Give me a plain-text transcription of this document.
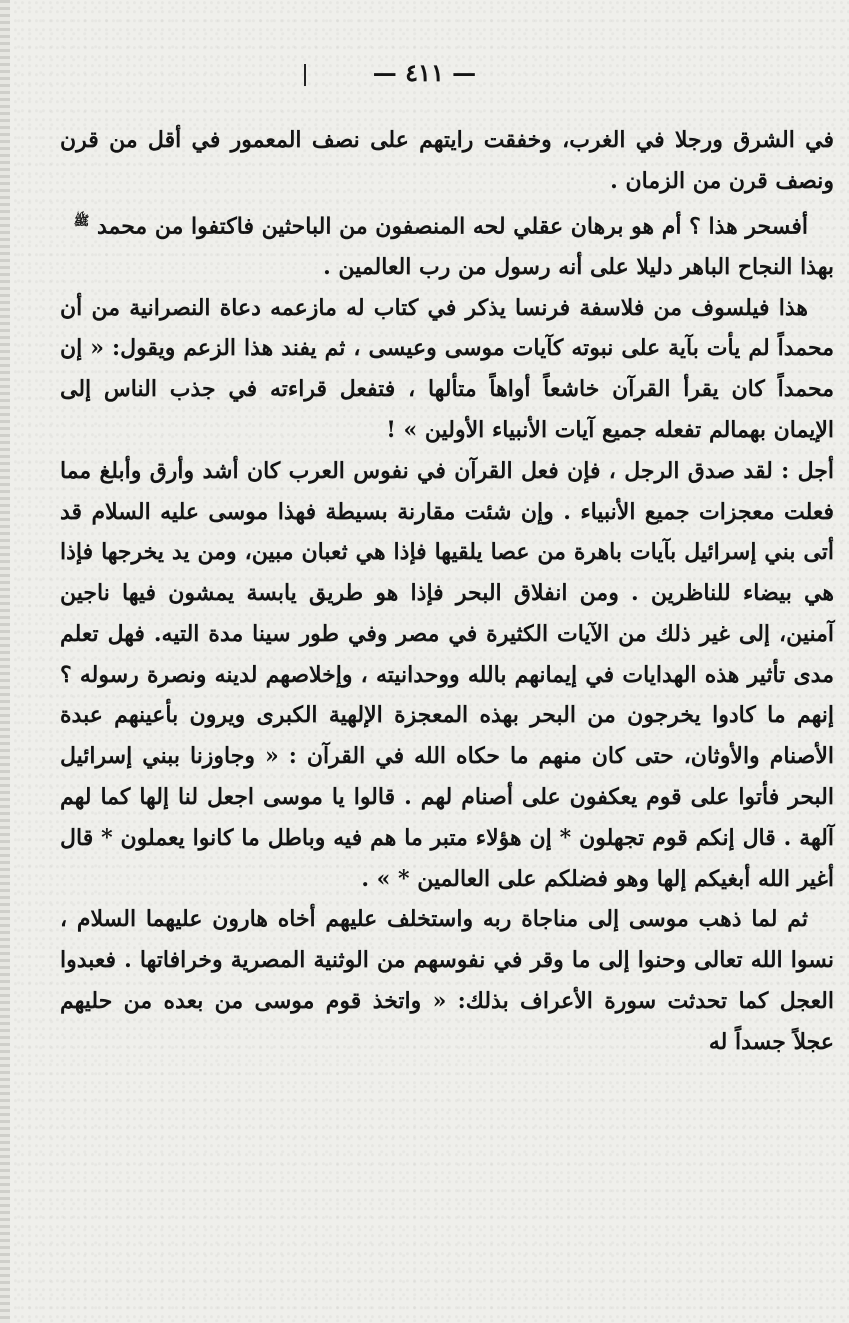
— ٤١١ —

في الشرق ورجلا في الغرب، وخفقت رايتهم على نصف المعمور في أقل من قرن ونصف قرن من الزمان .

أفسحر هذا ؟ أم هو برهان عقلي لحه المنصفون من الباحثين فاكتفوا من محمد $^ﷺ$

بهذا النجاح الباهر دليلا على أنه رسول من رب العالمين .

هذا فيلسوف من فلاسفة فرنسا يذكر في كتاب له مازعمه دعاة النصرانية من أن محمداً لم يأت بآية على نبوته كآيات موسى وعيسى ، ثم يفند هذا الزعم ويقول: « إن محمداً كان يقرأ القرآن خاشعاً أواهاً متألها ، فتفعل قراءته في جذب الناس إلى الإيمان بهمالم تفعله جميع آيات الأنبياء الأولين » !

أجل : لقد صدق الرجل ، فإن فعل القرآن في نفوس العرب كان أشد وأرق وأبلغ مما فعلت معجزات جميع الأنبياء . وإن شئت مقارنة بسيطة فهذا موسى عليه السلام قد أتى بني إسرائيل بآيات باهرة من عصا يلقيها فإذا هي ثعبان مبين، ومن يد يخرجها فإذا هي بيضاء للناظرين . ومن انفلاق البحر فإذا هو طريق يابسة يمشون فيها ناجين آمنين، إلى غير ذلك من الآيات الكثيرة في مصر وفي طور سينا مدة التيه. فهل تعلم مدى تأثير هذه الهدايات في إيمانهم بالله ووحدانيته ، وإخلاصهم لدينه ونصرة رسوله ؟ إنهم ما كادوا يخرجون من البحر بهذه المعجزة الإلهية الكبرى ويرون بأعينهم عبدة الأصنام والأوثان، حتى كان منهم ما حكاه الله في القرآن : « وجاوزنا ببني إسرائيل البحر فأتوا على قوم يعكفون على أصنام لهم . قالوا يا موسى اجعل لنا إلها كما لهم آلهة . قال إنكم قوم تجهلون * إن هؤلاء متبر ما هم فيه وباطل ما كانوا يعملون * قال أغير الله أبغيكم إلها وهو فضلكم على العالمين * » .

ثم لما ذهب موسى إلى مناجاة ربه واستخلف عليهم أخاه هارون عليهما السلام ، نسوا الله تعالى وحنوا إلى ما وقر في نفوسهم من الوثنية المصرية وخرافاتها . فعبدوا العجل كما تحدثت سورة الأعراف بذلك: « واتخذ قوم موسى من بعده من حليهم عجلاً جسداً له
